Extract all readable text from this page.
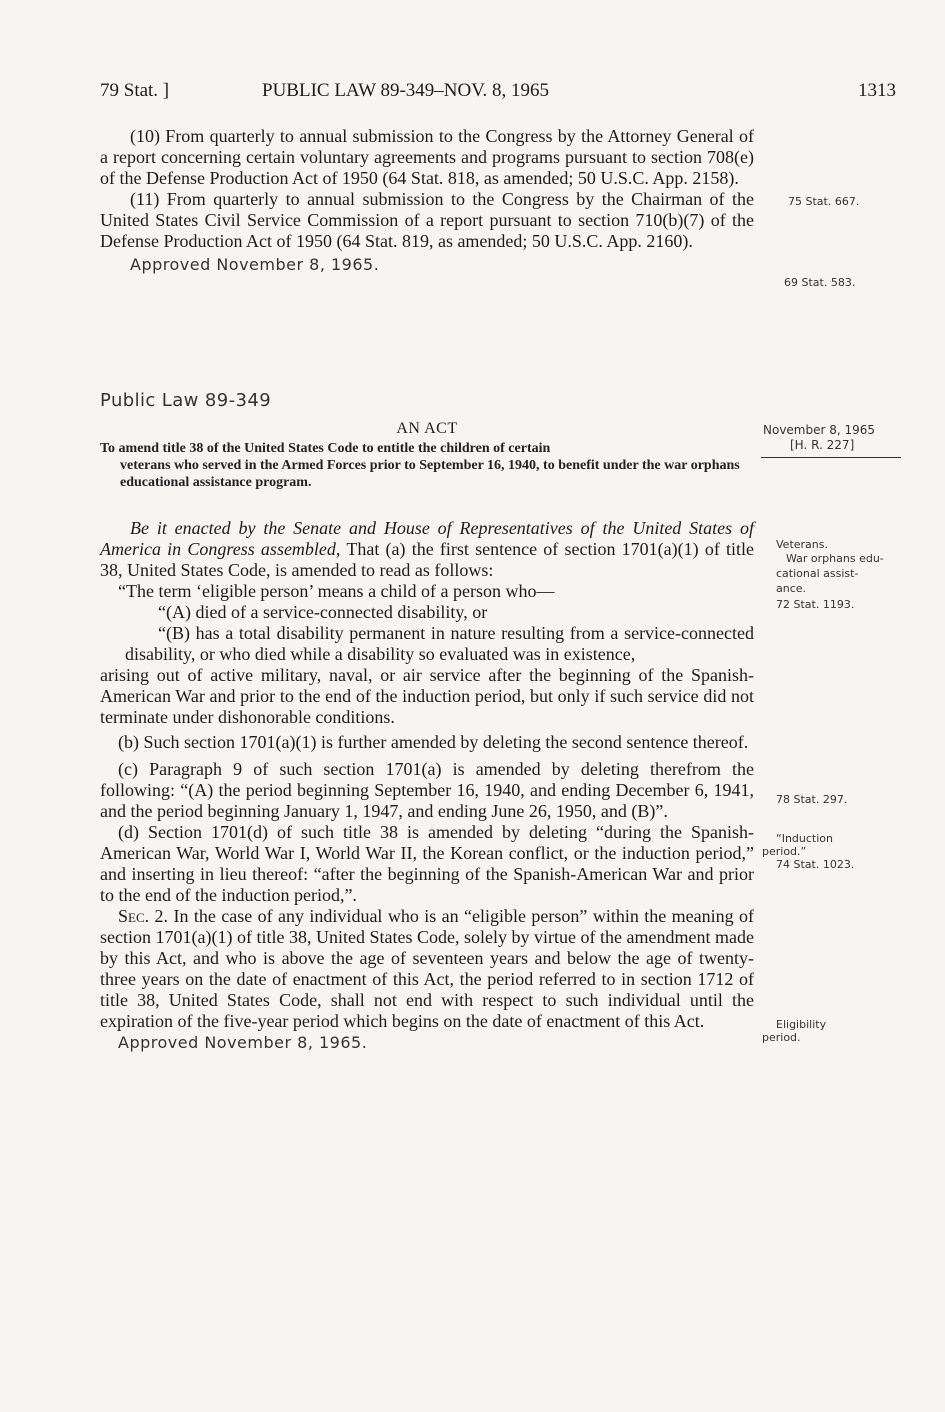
79 Stat. ]	PUBLIC LAW 89-349–NOV. 8, 1965	1313

(10) From quarterly to annual submission to the Congress by the Attorney General of a report concerning certain voluntary agreements and programs pursuant to section 708(e) of the Defense Production Act of 1950 (64 Stat. 818, as amended; 50 U.S.C. App. 2158).

(11) From quarterly to annual submission to the Congress by the Chairman of the United States Civil Service Commission of a report pursuant to section 710(b)(7) of the Defense Production Act of 1950 (64 Stat. 819, as amended; 50 U.S.C. App. 2160).

Approved November 8, 1965.

Public Law 89-349
AN ACT
To amend title 38 of the United States Code to entitle the children of certain
veterans who served in the Armed Forces prior to September 16, 1940, to benefit under the war orphans educational assistance program.

Be it enacted by the Senate and House of Representatives of the United States of America in Congress assembled, That (a) the first sentence of section 1701(a)(1) of title 38, United States Code, is amended to read as follows:

“The term ‘eligible person’ means a child of a person who—

“(A) died of a service-connected disability, or

“(B) has a total disability permanent in nature resulting from a service-connected disability, or who died while a disability so evaluated was in existence,

arising out of active military, naval, or air service after the beginning of the Spanish-American War and prior to the end of the induction period, but only if such service did not terminate under dishonorable conditions.

(b) Such section 1701(a)(1) is further amended by deleting the second sentence thereof.

(c) Paragraph 9 of such section 1701(a) is amended by deleting therefrom the following: “(A) the period beginning September 16, 1940, and ending December 6, 1941, and the period beginning January 1, 1947, and ending June 26, 1950, and (B)”.

(d) Section 1701(d) of such title 38 is amended by deleting “during the Spanish-American War, World War I, World War II, the Korean conflict, or the induction period,” and inserting in lieu thereof: “after the beginning of the Spanish-American War and prior to the end of the induction period,”.

Sec. 2. In the case of any individual who is an “eligible person” within the meaning of section 1701(a)(1) of title 38, United States Code, solely by virtue of the amendment made by this Act, and who is above the age of seventeen years and below the age of twenty-three years on the date of enactment of this Act, the period referred to in section 1712 of title 38, United States Code, shall not end with respect to such individual until the expiration of the five-year period which begins on the date of enactment of this Act.

Approved November 8, 1965.

75 Stat. 667.
69 Stat. 583.
November 8, 1965
[H. R. 227]
Veterans.
War orphans edu-
cational assist-
ance.
72 Stat. 1193.
78 Stat. 297.
“Induction
period.”
74 Stat. 1023.
Eligibility
period.
